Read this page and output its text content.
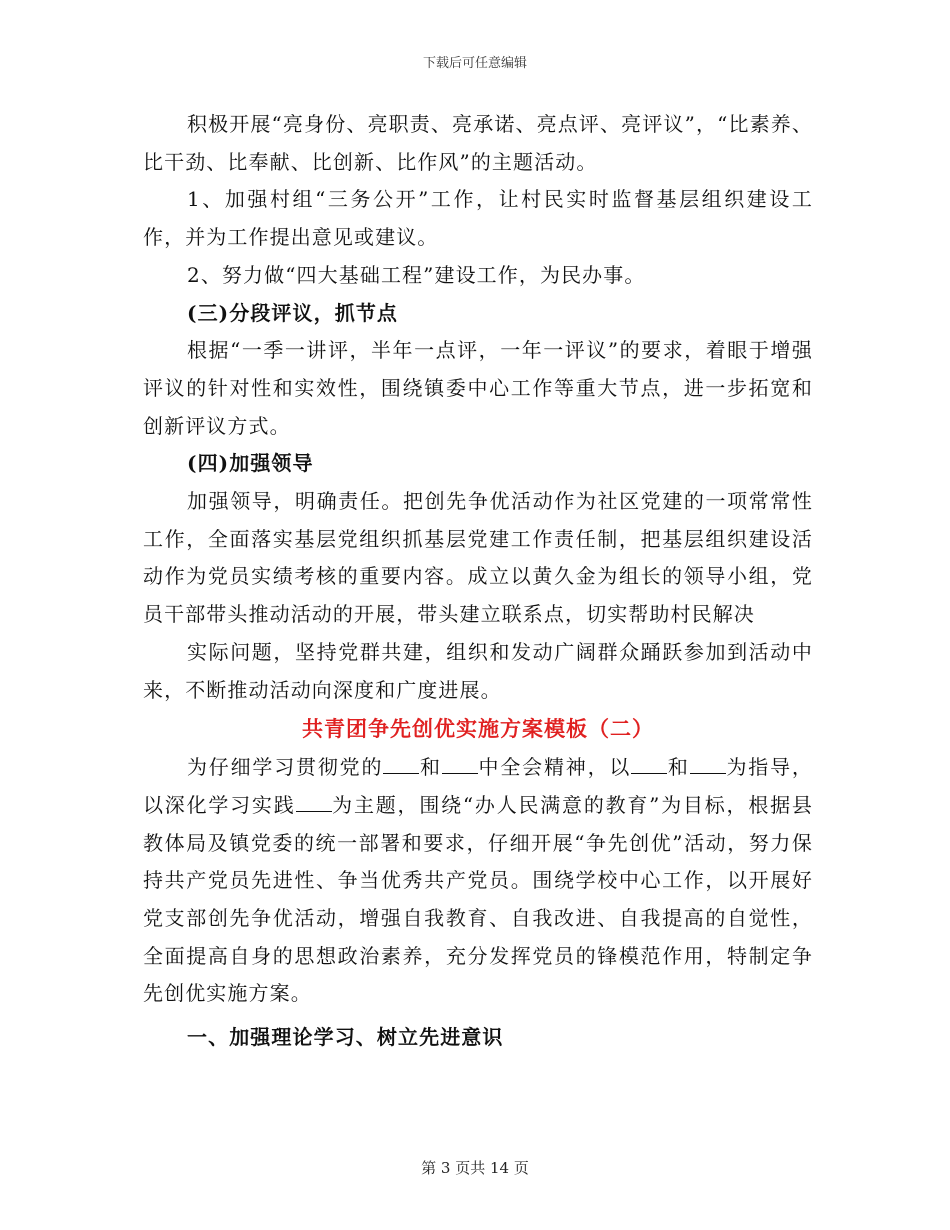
下载后可任意编辑

积极开展“亮身份、亮职责、亮承诺、亮点评、亮评议”，“比素养、比干劲、比奉献、比创新、比作风”的主题活动。

1、加强村组“三务公开”工作，让村民实时监督基层组织建设工作，并为工作提出意见或建议。

2、努力做“四大基础工程”建设工作，为民办事。

(三)分段评议，抓节点

根据“一季一讲评，半年一点评，一年一评议”的要求，着眼于增强评议的针对性和实效性，围绕镇委中心工作等重大节点，进一步拓宽和创新评议方式。

(四)加强领导

加强领导，明确责任。把创先争优活动作为社区党建的一项常常性工作，全面落实基层党组织抓基层党建工作责任制，把基层组织建设活动作为党员实绩考核的重要内容。成立以黄久金为组长的领导小组，党员干部带头推动活动的开展，带头建立联系点，切实帮助村民解决

实际问题，坚持党群共建，组织和发动广阔群众踊跃参加到活动中来，不断推动活动向深度和广度进展。

共青团争先创优实施方案模板（二）

为仔细学习贯彻党的 和 中全会精神，以 和 为指导，以深化学习实践 为主题，围绕“办人民满意的教育”为目标，根据县教体局及镇党委的统一部署和要求，仔细开展“争先创优”活动，努力保持共产党员先进性、争当优秀共产党员。围绕学校中心工作，以开展好党支部创先争优活动，增强自我教育、自我改进、自我提高的自觉性，全面提高自身的思想政治素养，充分发挥党员的锋模范作用，特制定争先创优实施方案。

一、加强理论学习、树立先进意识

第 3 页共 14 页
